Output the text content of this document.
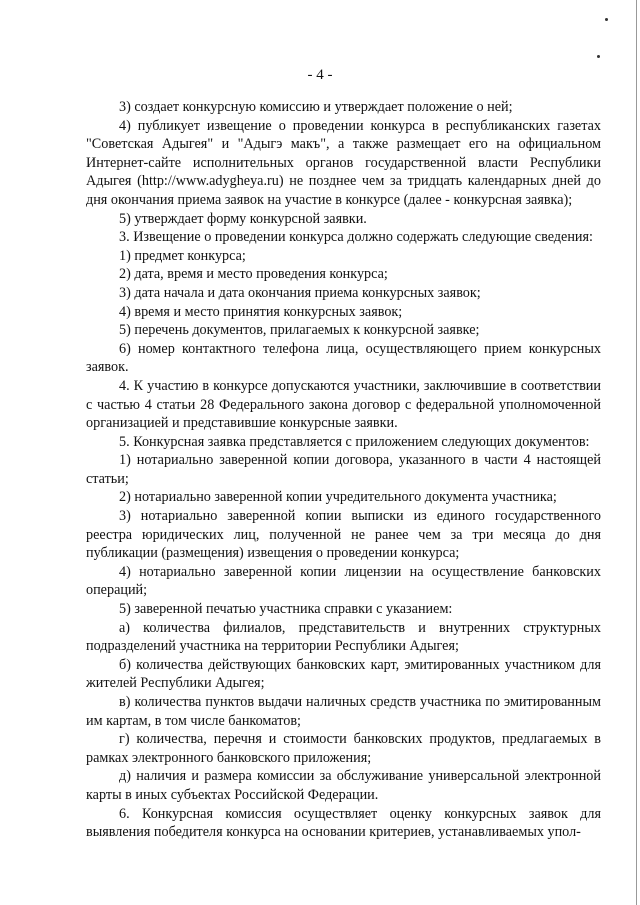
- 4 -

3) создает конкурсную комиссию и утверждает положение о ней;

4) публикует извещение о проведении конкурса в республиканских газетах "Советская Адыгея" и "Адыгэ макъ", а также размещает его на официальном Интернет-сайте исполнительных органов государственной власти Республики Адыгея (http://www.adygheya.ru) не позднее чем за тридцать календарных дней до дня окончания приема заявок на участие в конкурсе (далее - конкурсная заявка);

5) утверждает форму конкурсной заявки.

3. Извещение о проведении конкурса должно содержать следующие сведения:

1) предмет конкурса;

2) дата, время и место проведения конкурса;

3) дата начала и дата окончания приема конкурсных заявок;

4) время и место принятия конкурсных заявок;

5) перечень документов, прилагаемых к конкурсной заявке;

6) номер контактного телефона лица, осуществляющего прием конкурсных заявок.

4. К участию в конкурсе допускаются участники, заключившие в соответствии с частью 4 статьи 28 Федерального закона договор с федеральной уполномоченной организацией и представившие конкурсные заявки.

5. Конкурсная заявка представляется с приложением следующих документов:

1) нотариально заверенной копии договора, указанного в части 4 настоящей статьи;

2) нотариально заверенной копии учредительного документа участника;

3) нотариально заверенной копии выписки из единого государственного реестра юридических лиц, полученной не ранее чем за три месяца до дня публикации (размещения) извещения о проведении конкурса;

4) нотариально заверенной копии лицензии на осуществление банковских операций;

5) заверенной печатью участника справки с указанием:

а) количества филиалов, представительств и внутренних структурных подразделений участника на территории Республики Адыгея;

б) количества действующих банковских карт, эмитированных участником для жителей Республики Адыгея;

в) количества пунктов выдачи наличных средств участника по эмитированным им картам, в том числе банкоматов;

г) количества, перечня и стоимости банковских продуктов, предлагаемых в рамках электронного банковского приложения;

д) наличия и размера комиссии за обслуживание универсальной электронной карты в иных субъектах Российской Федерации.

6. Конкурсная комиссия осуществляет оценку конкурсных заявок для выявления победителя конкурса на основании критериев, устанавливаемых упол-
